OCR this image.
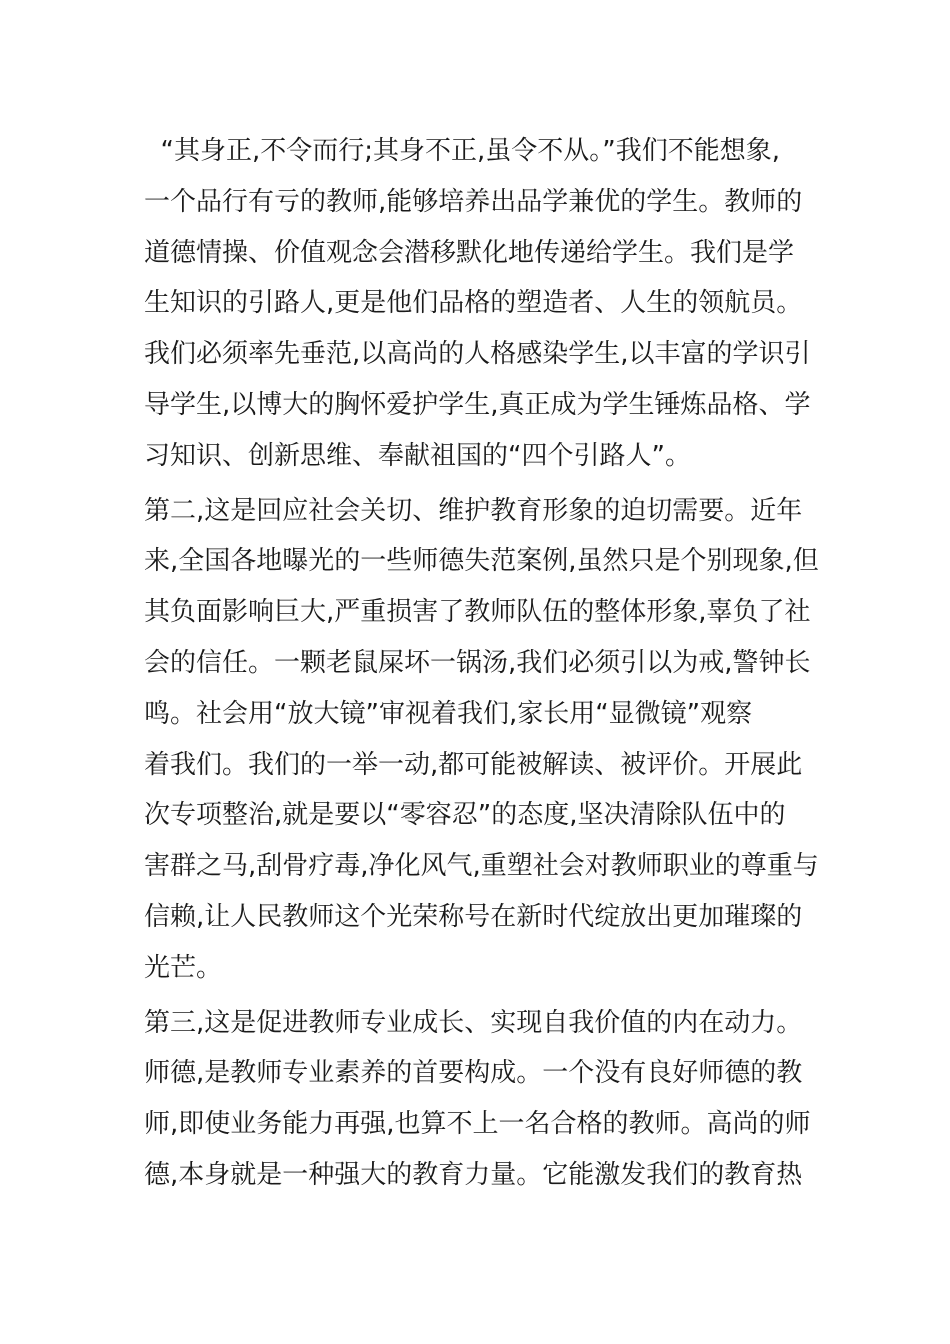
“其身正,不令而行;其身不正,虽令不从。”我们不能想象,

一个品行有亏的教师,能够培养出品学兼优的学生。教师的

道德情操、价值观念会潜移默化地传递给学生。我们是学

生知识的引路人,更是他们品格的塑造者、人生的领航员。

我们必须率先垂范,以高尚的人格感染学生,以丰富的学识引

导学生,以博大的胸怀爱护学生,真正成为学生锤炼品格、学

习知识、创新思维、奉献祖国的“四个引路人”。

第二,这是回应社会关切、维护教育形象的迫切需要。近年

来,全国各地曝光的一些师德失范案例,虽然只是个别现象,但

其负面影响巨大,严重损害了教师队伍的整体形象,辜负了社

会的信任。一颗老鼠屎坏一锅汤,我们必须引以为戒,警钟长

鸣。社会用“放大镜”审视着我们,家长用“显微镜”观察

着我们。我们的一举一动,都可能被解读、被评价。开展此

次专项整治,就是要以“零容忍”的态度,坚决清除队伍中的

害群之马,刮骨疗毒,净化风气,重塑社会对教师职业的尊重与

信赖,让人民教师这个光荣称号在新时代绽放出更加璀璨的

光芒。

第三,这是促进教师专业成长、实现自我价值的内在动力。

师德,是教师专业素养的首要构成。一个没有良好师德的教

师,即使业务能力再强,也算不上一名合格的教师。高尚的师

德,本身就是一种强大的教育力量。它能激发我们的教育热
